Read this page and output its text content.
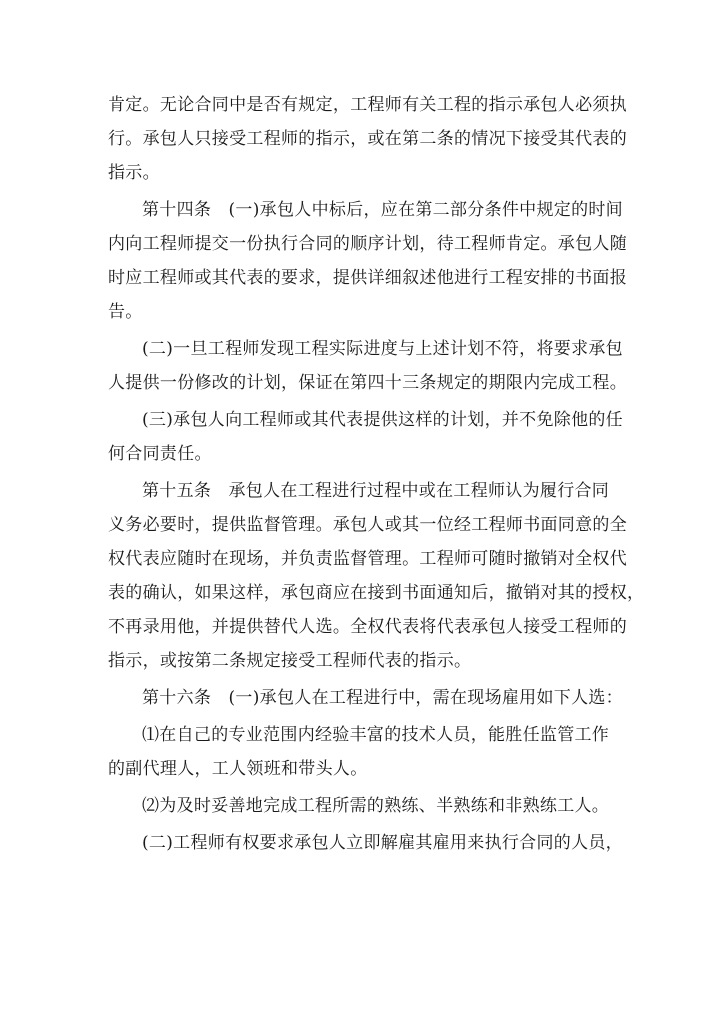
肯定。无论合同中是否有规定，工程师有关工程的指示承包人必须执
行。承包人只接受工程师的指示，或在第二条的情况下接受其代表的
指示。
第十四条　(一)承包人中标后，应在第二部分条件中规定的时间
内向工程师提交一份执行合同的顺序计划，待工程师肯定。承包人随
时应工程师或其代表的要求，提供详细叙述他进行工程安排的书面报
告。
(二)一旦工程师发现工程实际进度与上述计划不符，将要求承包
人提供一份修改的计划，保证在第四十三条规定的期限内完成工程。
(三)承包人向工程师或其代表提供这样的计划，并不免除他的任
何合同责任。
第十五条　承包人在工程进行过程中或在工程师认为履行合同
义务必要时，提供监督管理。承包人或其一位经工程师书面同意的全
权代表应随时在现场，并负责监督管理。工程师可随时撤销对全权代
表的确认，如果这样，承包商应在接到书面通知后，撤销对其的授权，
不再录用他，并提供替代人选。全权代表将代表承包人接受工程师的
指示，或按第二条规定接受工程师代表的指示。
第十六条　(一)承包人在工程进行中，需在现场雇用如下人选：
⑴在自己的专业范围内经验丰富的技术人员，能胜任监管工作
的副代理人，工人领班和带头人。
⑵为及时妥善地完成工程所需的熟练、半熟练和非熟练工人。
(二)工程师有权要求承包人立即解雇其雇用来执行合同的人员，
